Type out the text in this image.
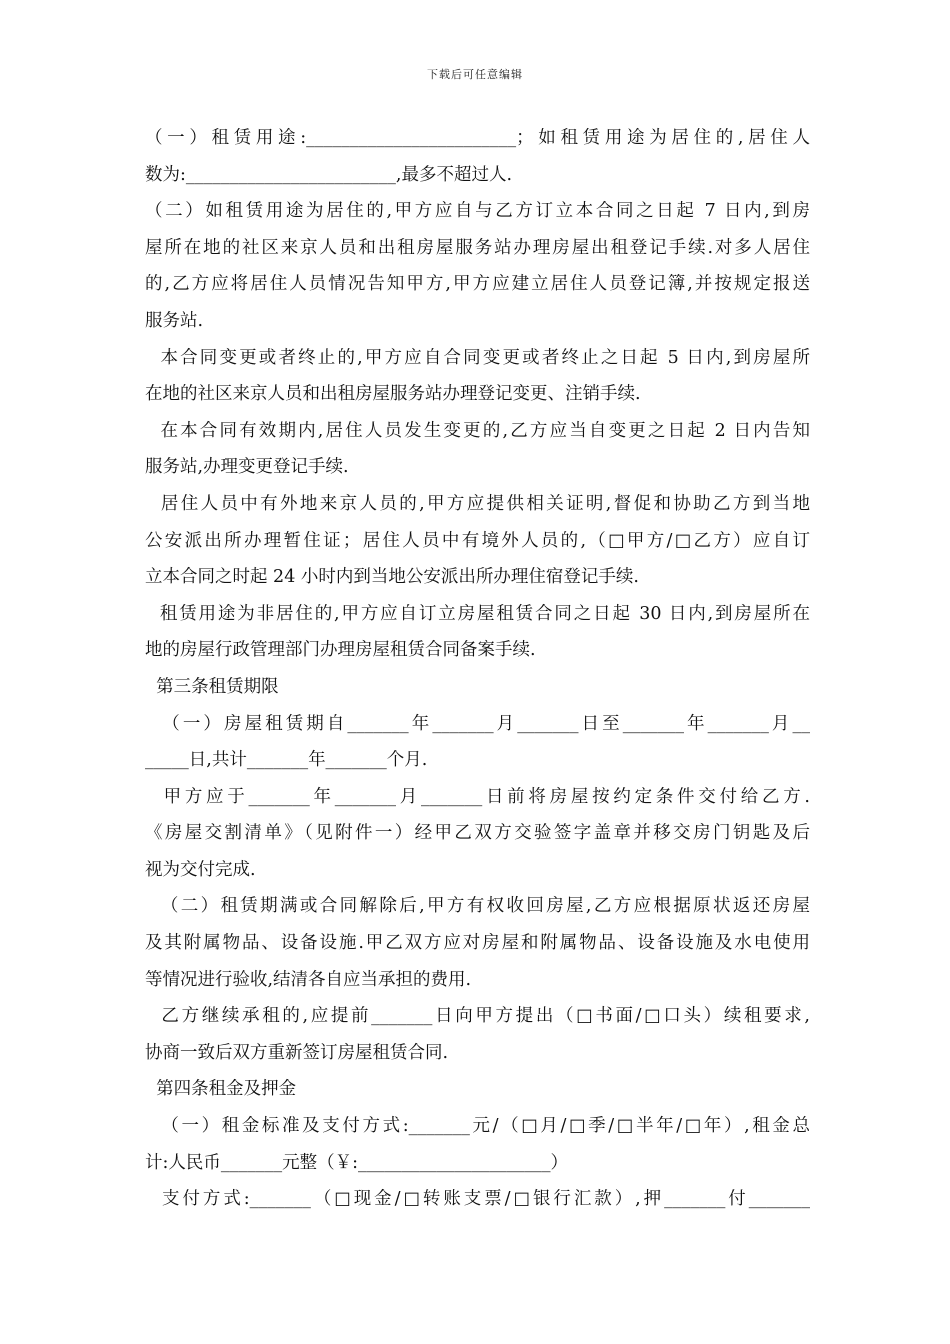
下载后可任意编辑
（一）租赁用途:________________________；如租赁用途为居住的,居住人
数为:________________________,最多不超过人.
（二）如租赁用途为居住的,甲方应自与乙方订立本合同之日起 7 日内,到房
屋所在地的社区来京人员和出租房屋服务站办理房屋出租登记手续.对多人居住
的,乙方应将居住人员情况告知甲方,甲方应建立居住人员登记簿,并按规定报送
服务站.
本合同变更或者终止的,甲方应自合同变更或者终止之日起 5 日内,到房屋所
在地的社区来京人员和出租房屋服务站办理登记变更、注销手续.
在本合同有效期内,居住人员发生变更的,乙方应当自变更之日起 2 日内告知
服务站,办理变更登记手续.
居住人员中有外地来京人员的,甲方应提供相关证明,督促和协助乙方到当地
公安派出所办理暂住证；居住人员中有境外人员的,（□甲方/□乙方）应自订
立本合同之时起 24 小时内到当地公安派出所办理住宿登记手续.
租赁用途为非居住的,甲方应自订立房屋租赁合同之日起 30 日内,到房屋所在
地的房屋行政管理部门办理房屋租赁合同备案手续.
第三条租赁期限
（一）房屋租赁期自_______年_______月_______日至_______年_______月__
_____日,共计_______年_______个月.
甲方应于_______年_______月_______日前将房屋按约定条件交付给乙方.
《房屋交割清单》（见附件一）经甲乙双方交验签字盖章并移交房门钥匙及后
视为交付完成.
（二）租赁期满或合同解除后,甲方有权收回房屋,乙方应根据原状返还房屋
及其附属物品、设备设施.甲乙双方应对房屋和附属物品、设备设施及水电使用
等情况进行验收,结清各自应当承担的费用.
乙方继续承租的,应提前_______日向甲方提出（□书面/□口头）续租要求,
协商一致后双方重新签订房屋租赁合同.
第四条租金及押金
（一）租金标准及支付方式:_______元/（□月/□季/□半年/□年）,租金总
计:人民币_______元整（￥:______________________）
支付方式:_______（□现金/□转账支票/□银行汇款）,押_______付_______
